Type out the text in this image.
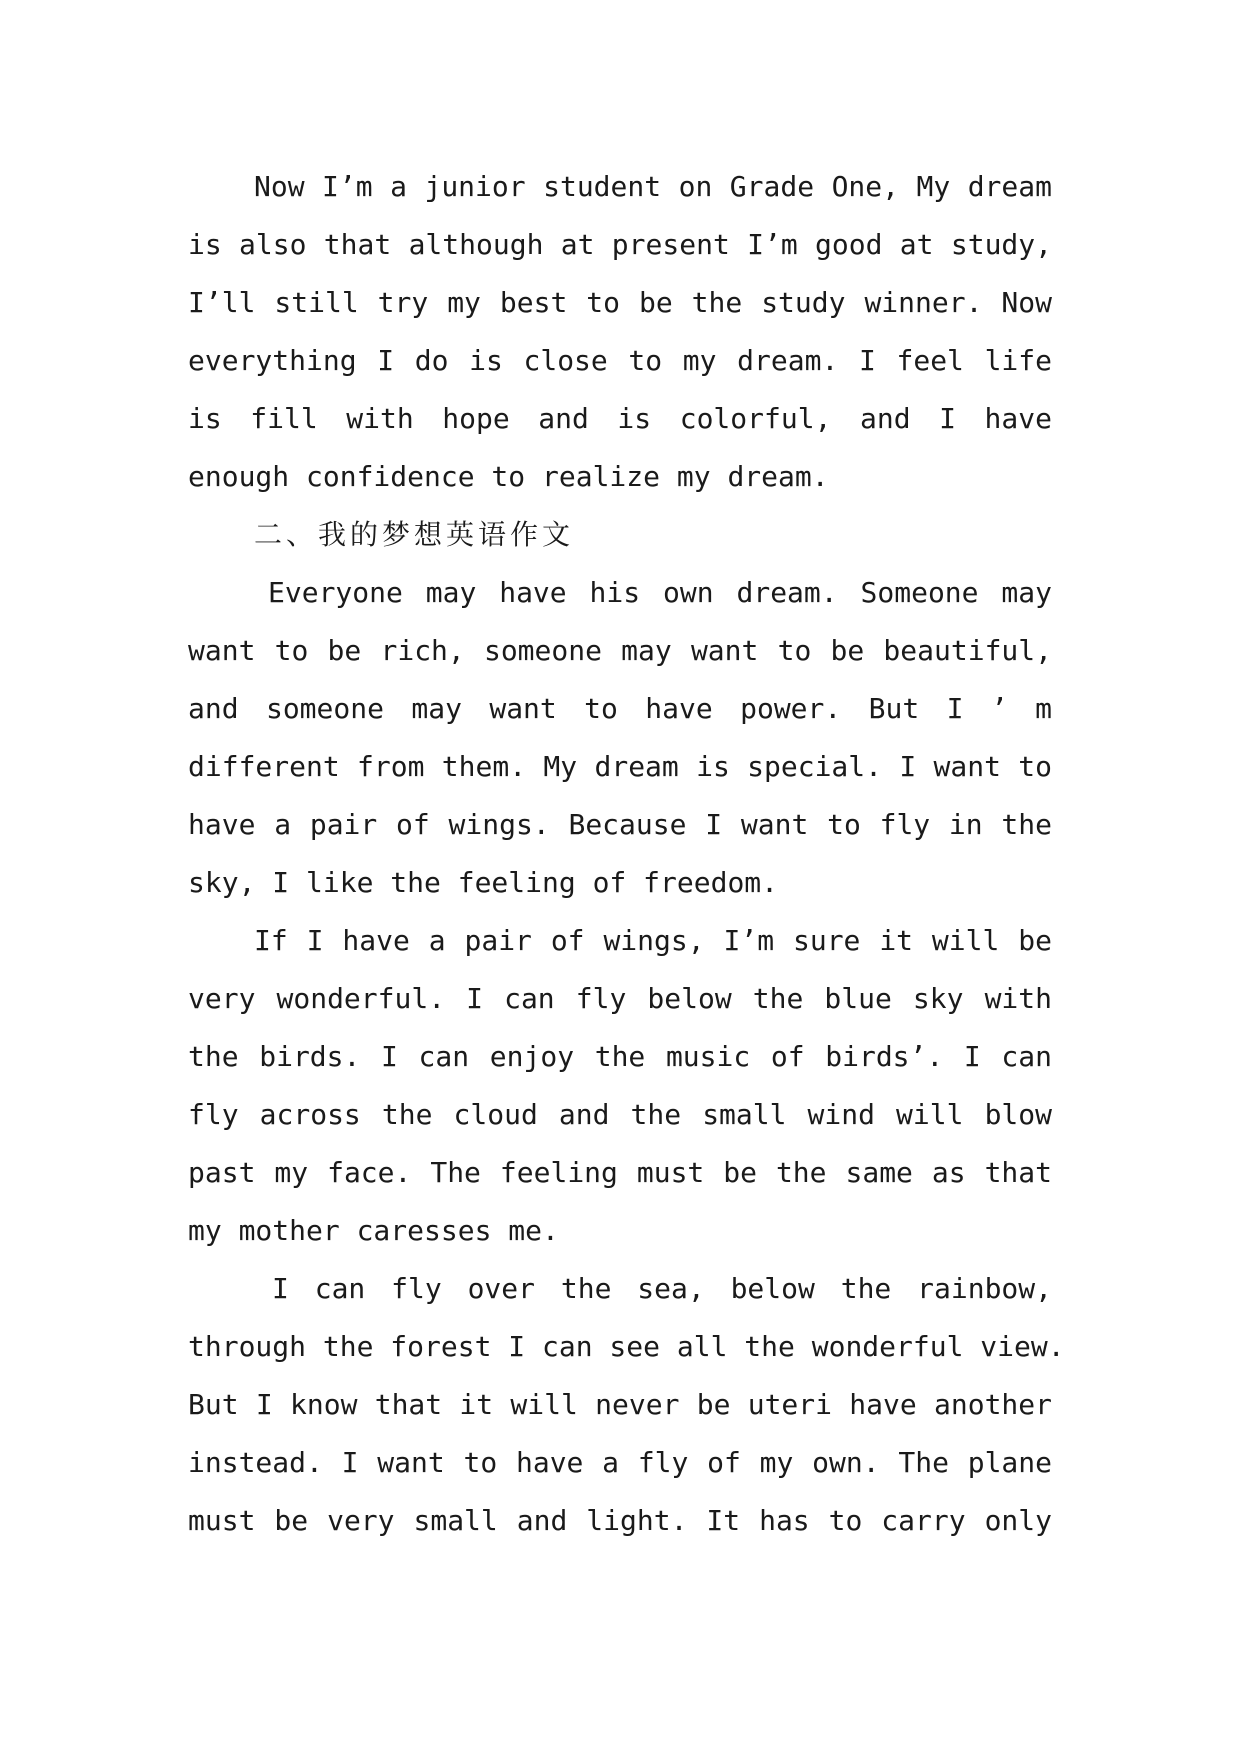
Now I’m a junior student on Grade One, My dream
is also that although at present I’m good at study,
I’ll still try my best to be the study winner. Now
everything I do is close to my dream. I feel life
is fill with hope and is colorful, and I have
enough confidence to realize my dream.
二、我的梦想英语作文
Everyone may have his own dream. Someone may
want to be rich, someone may want to be beautiful,
and someone may want to have power. But I ’ m
different from them. My dream is special. I want to
have a pair of wings. Because I want to fly in the
sky, I like the feeling of freedom.
If I have a pair of wings, I’m sure it will be
very wonderful. I can fly below the blue sky with
the birds. I can enjoy the music of birds’. I can
fly across the cloud and the small wind will blow
past my face. The feeling must be the same as that
my mother caresses me.
I can fly over the sea, below the rainbow,
through the forest I can see all the wonderful view.
But I know that it will never be uteri have another
instead. I want to have a fly of my own. The plane
must be very small and light. It has to carry only
